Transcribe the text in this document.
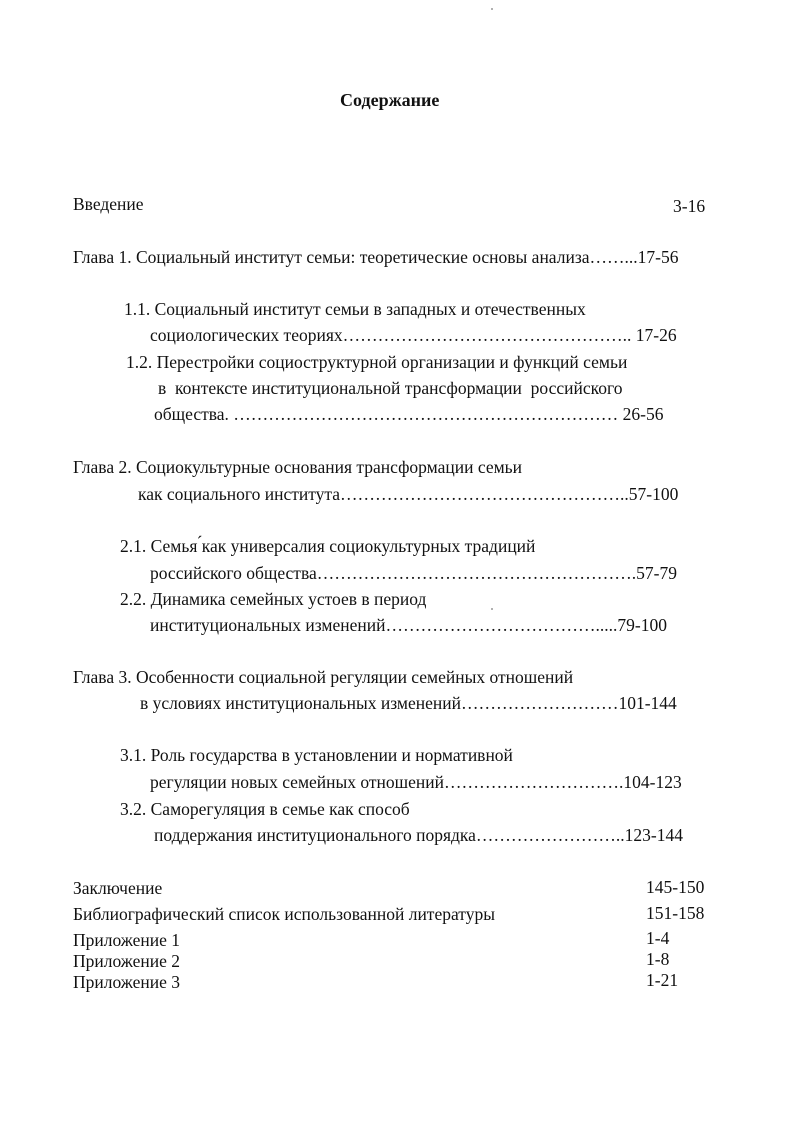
Содержание
Введение	3-16
Глава 1. Социальный институт семьи: теоретические основы анализа……...17-56
1.1. Социальный институт семьи в западных и отечественных
социологических теориях………………………………………….. 17-26
1.2. Перестройки социоструктурной организации и функций семьи
в  контексте институциональной трансформации  российского
общества. ………………………………………………………… 26-56
Глава 2. Социокультурные основания трансформации семьи
как социального института…………………………………………..57-100
2.1. Семья ́как универсалия социокультурных традиций
российского общества……………………………………………….57-79
2.2. Динамика семейных устоев в период
институциональных изменений……………………………….....79-100
Глава 3. Особенности социальной регуляции семейных отношений
в условиях институциональных изменений………………………101-144
3.1. Роль государства в установлении и нормативной
регуляции новых семейных отношений………………………….104-123
3.2. Саморегуляция в семье как способ
поддержания институционального порядка……………………..123-144
Заключение	145-150
Библиографический список использованной литературы	151-158
Приложение 1	1-4
Приложение 2	1-8
Приложение 3	1-21
